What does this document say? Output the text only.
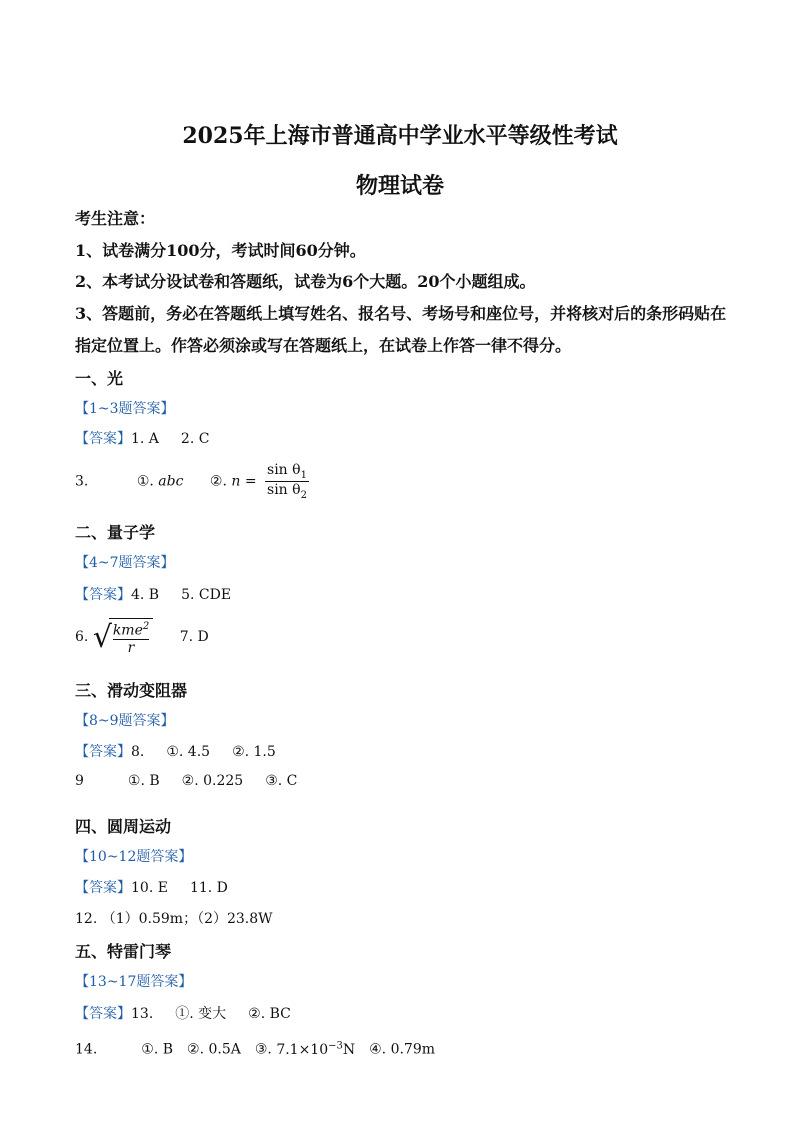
2025年上海市普通高中学业水平等级性考试
物理试卷
考生注意：
1、试卷满分100分，考试时间60分钟。
2、本考试分设试卷和答题纸，试卷为6个大题。20个小题组成。
3、答题前，务必在答题纸上填写姓名、报名号、考场号和座位号，并将核对后的条形码贴在
指定位置上。作答必须涂或写在答题纸上，在试卷上作答一律不得分。
一、光
【1~3题答案】
【答案】1. A 2. C
3.	①. abc ②. $n = \frac{\sin \theta_1}{\sin \theta_2}$
二、量子学
【4~7题答案】
【答案】4. B 5. CDE
6. √
$\frac{kme^2}{r} 7$. D
三、滑动变阻器
【8~9题答案】
【答案】8. ①. 4.5 ②. 1.5
9	①. B ②. 0.225 ③. C
四、圆周运动
【10~12题答案】
【答案】10. E 11. D
12. （1）0.59m；（2）23.8W
五、特雷门琴
【13~17题答案】
【答案】13. ①. 变大 ②. BC
14.	①. B ②. 0.5A ③. $7.1\times 10^{-3}N$ ④. 0.79m
